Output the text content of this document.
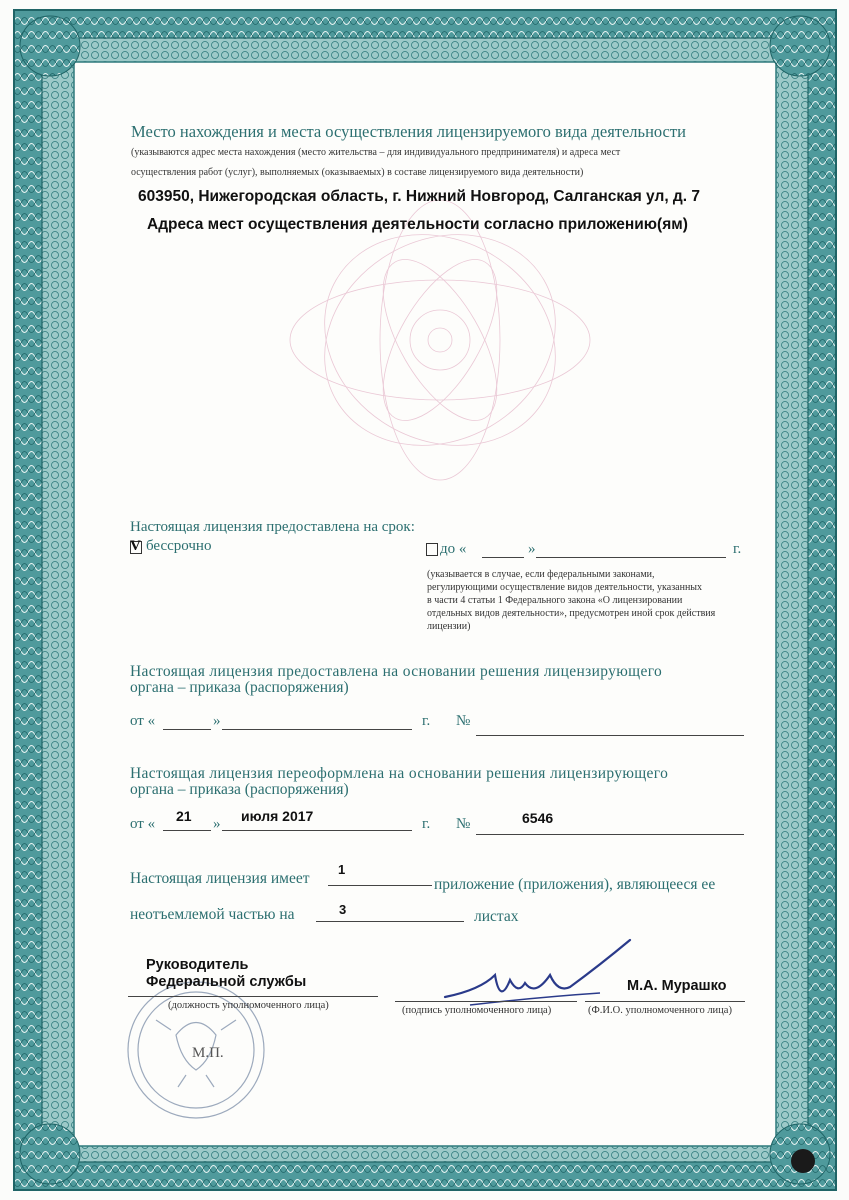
Место нахождения и места осуществления лицензируемого вида деятельности
(указываются адрес места нахождения (место жительства – для индивидуального предпринимателя) и адреса мест
осуществления работ (услуг), выполняемых (оказываемых) в составе лицензируемого вида деятельности)
603950, Нижегородская область, г. Нижний Новгород, Салганская ул, д. 7
Адреса мест осуществления деятельности согласно приложению(ям)
Настоящая лицензия предоставлена на срок:
V бессрочно	до «	»	г.
(указывается в случае, если федеральными законами,
регулирующими осуществление видов деятельности, указанных
в части 4 статьи 1 Федерального закона «О лицензировании
отдельных видов деятельности», предусмотрен иной срок действия
лицензии)
Настоящая лицензия предоставлена на основании решения лицензирующего
органа – приказа (распоряжения)
от «	»	г. №
Настоящая лицензия переоформлена на основании решения лицензирующего
органа – приказа (распоряжения)
от « 21 » июля 2017	г. №	6546
Настоящая лицензия имеет
1
приложение (приложения), являющееся ее
неотъемлемой частью на	3	листах
М.П.
Руководитель
Федеральной службы
(должность уполномоченного лица)	(подпись уполномоченного лица)
М.А. Мурашко
(Ф.И.О. уполномоченного лица)
